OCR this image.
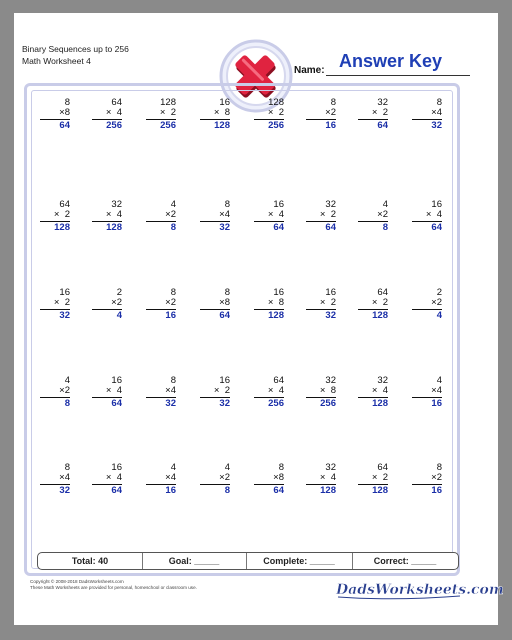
Binary Sequences up to 256
Math Worksheet 4
Name: Answer Key
8
×8
64
64
×  4
256
128
×  2
256
16
×  8
128
128
×  2
256
8
×2
16
32
×  2
64
8
×4
32
64
×  2
128
32
×  4
128
4
×2
8
8
×4
32
16
×  4
64
32
×  2
64
4
×2
8
16
×  4
64
16
×  2
32
2
×2
4
8
×2
16
8
×8
64
16
×  8
128
16
×  2
32
64
×  2
128
2
×2
4
4
×2
8
16
×  4
64
8
×4
32
16
×  2
32
64
×  4
256
32
×  8
256
32
×  4
128
4
×4
16
8
×4
32
16
×  4
64
4
×4
16
4
×2
8
8
×8
64
32
×  4
128
64
×  2
128
8
×2
16
Total: 40	Goal: _____	Complete: _____	Correct: _____
Copyright © 2008-2018 DadsWorksheets.com
These Math Worksheets are provided for personal, homeschool or classroom use.	DadsWorksheets.com
